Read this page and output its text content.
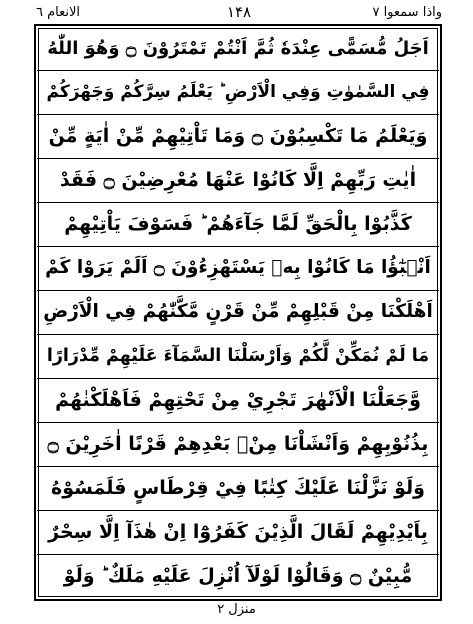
الانعام ٦	۱۴۸	واذا سمعوا ۷
اَجَلُ مُّسَمًّى عِنْدَهٗ ثُمَّ اَنْتُمْ تَمْتَرُوْنَ ۝ وَهُوَ اللّٰهُ
فِي السَّمٰوٰتِ وَفِي الْاَرْضِ ؕ يَعْلَمُ سِرَّكُمْ وَجَهْرَكُمْ
وَيَعْلَمُ مَا تَكْسِبُوْنَ ۝ وَمَا تَاْتِيْهِمْ مِّنْ اٰيَةٍ مِّنْ
اٰيٰتِ رَبِّهِمْ اِلَّا كَانُوْا عَنْهَا مُعْرِضِيْنَ ۝ فَقَدْ
كَذَّبُوْا بِالْحَقِّ لَمَّا جَآءَهُمْ ؕ فَسَوْفَ يَاْتِيْهِمْ
اَنْۢبٰٓؤُا مَا كَانُوْا بِهٖ يَسْتَهْزِءُوْنَ ۝ اَلَمْ يَرَوْا كَمْ
اَهْلَكْنَا مِنْ قَبْلِهِمْ مِّنْ قَرْنٍ مَّكَّنّٰهُمْ فِي الْاَرْضِ
مَا لَمْ نُمَكِّنْ لَّكُمْ وَاَرْسَلْنَا السَّمَآءَ عَلَيْهِمْ مِّدْرَارًا
وَّجَعَلْنَا الْاَنْهٰرَ تَجْرِيْ مِنْ تَحْتِهِمْ فَاَهْلَكْنٰهُمْ
بِذُنُوْبِهِمْ وَاَنْشَاْنَا مِنْۢ بَعْدِهِمْ قَرْنًا اٰخَرِيْنَ ۝
وَلَوْ نَزَّلْنَا عَلَيْكَ كِتٰبًا فِيْ قِرْطَاسٍ فَلَمَسُوْهُ
بِاَيْدِيْهِمْ لَقَالَ الَّذِيْنَ كَفَرُوْٓا اِنْ هٰذَآ اِلَّا سِحْرٌ
مُّبِيْنٌ ۝ وَقَالُوْا لَوْلَآ اُنْزِلَ عَلَيْهِ مَلَكٌ ؕ وَلَوْ
منزل ٢
